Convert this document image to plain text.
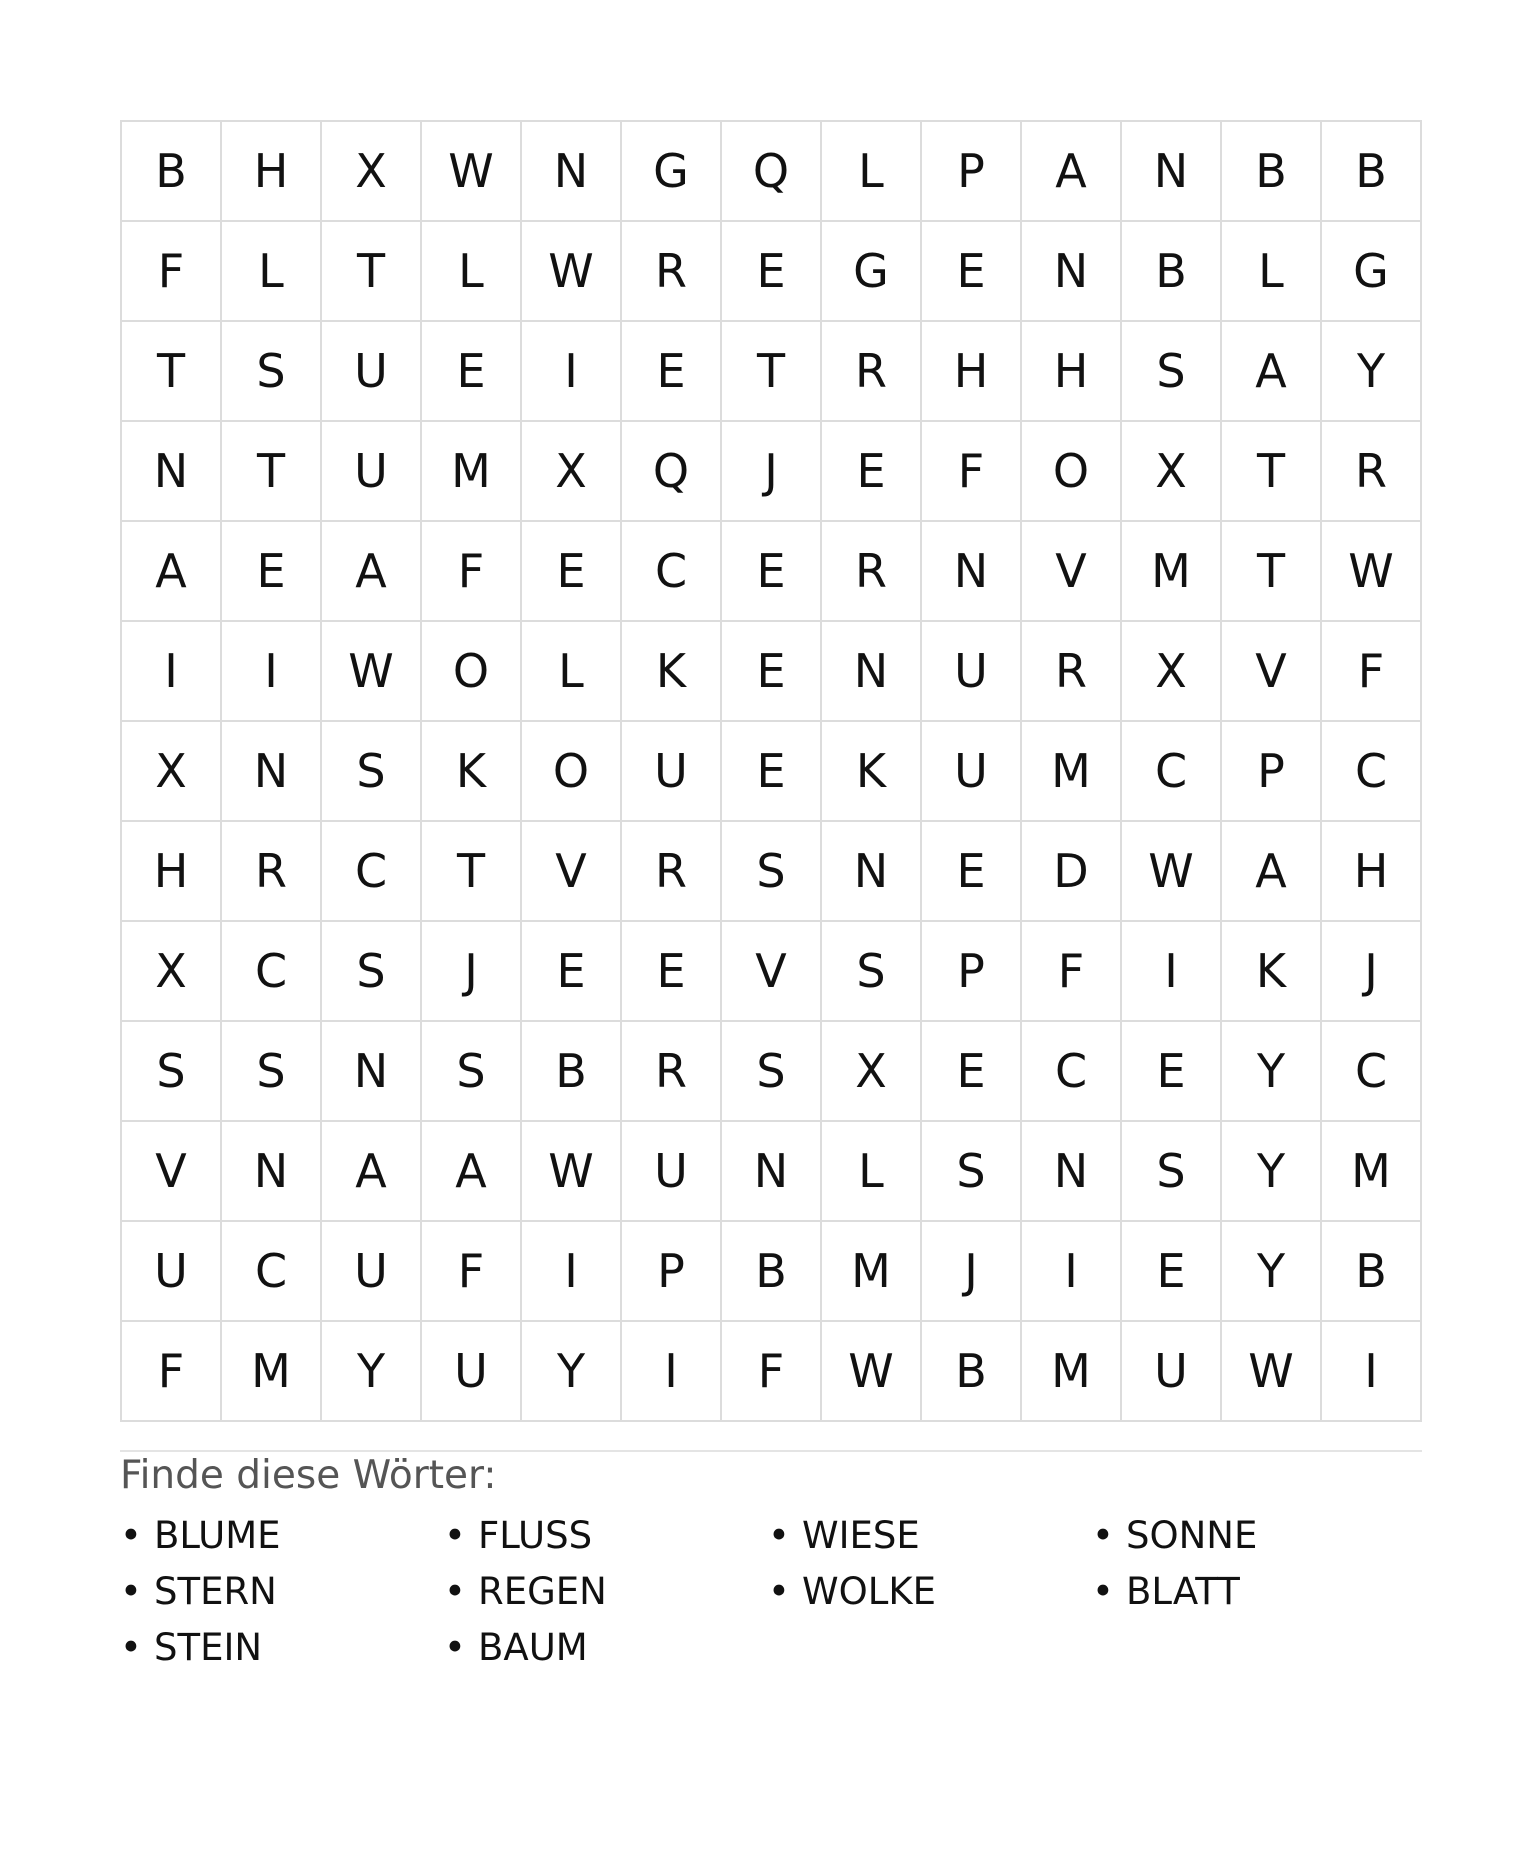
B	H	X	W	N	G	Q	L	P	A	N	B	B
F	L	T	L	W	R	E	G	E	N	B	L	G
T	S	U	E	I	E	T	R	H	H	S	A	Y
N	T	U	M	X	Q	J	E	F	O	X	T	R
A	E	A	F	E	C	E	R	N	V	M	T	W
I	I	W	O	L	K	E	N	U	R	X	V	F
X	N	S	K	O	U	E	K	U	M	C	P	C
H	R	C	T	V	R	S	N	E	D	W	A	H
X	C	S	J	E	E	V	S	P	F	I	K	J
S	S	N	S	B	R	S	X	E	C	E	Y	C
V	N	A	A	W	U	N	L	S	N	S	Y	M
U	C	U	F	I	P	B	M	J	I	E	Y	B
F	M	Y	U	Y	I	F	W	B	M	U	W	I
Finde diese Wörter:
• BLUME	• FLUSS	• WIESE	• SONNE
• STERN	• REGEN	• WOLKE	• BLATT
• STEIN	• BAUM
